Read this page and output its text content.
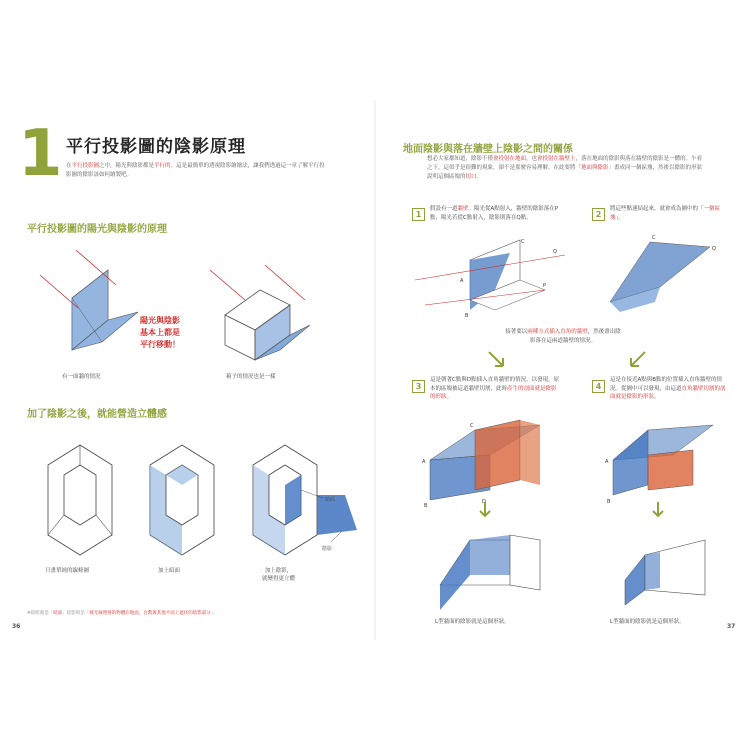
1 平行投影圖的陰影原理
在平行投影圖之中，陽光與陰影都是平行的。這是最簡單的透視陰影繪繪法，讓我們透過這一章了解平行投影圖的陰影該如何繪製吧。
平行投影圖的陽光與陰影的原理
有一面牆的情況
陽光與陰影
基本上都是
平行移動！
箱子的情況也是一樣
加了陰影之後，就能營造立體感
只畫單純的線條圖	加上暗面
暗面
陰影
加上陰影，
就變得更立體
※陰暗就是「暗面」陰影則是「被光線照射的物體在地面、台階與其他平面上遮住的陰影部分」。
36
地面陰影與落在牆壁上陰影之間的關係
想必大家都知道，陰影不僅會投射在地面，也會投射在牆壁上，落在地面的陰影與落在牆壁的陰影是一體的。乍看之下，這似乎是很難的現象，卻不是那麼容易理解。在此要將「地面與陰影」畫成同一個區塊，然後以陰影的形狀說明這個區塊的切口。
1
假設有一道牆壁。陽光從A點射入，牆壁的陰影落在P點，陽光若從C點射入，陰影則落在Q點。
A
B
C
P
Q
2
將這些點連結起來，就會成為圖中的「一個區塊」。
C
Q
接著要以兩種方式插入直角的牆壁，然後畫出陰影落在這兩道牆壁的情況。
3
這是朝著C點與D點插入直角牆壁的情況。以發現，原本的區塊被這道牆壁切割，此時產生的剖面就是陰影的形狀。
A
B
C
D
4
這是在接近A點與B點的位置插入直角牆壁的情況。從圖中可以發現，由這道直角牆壁切割的剖面就是陰影的形狀。
A
B
L型牆面的陰影就是這個形狀。	L型牆面的陰影就是這個形狀。
37
